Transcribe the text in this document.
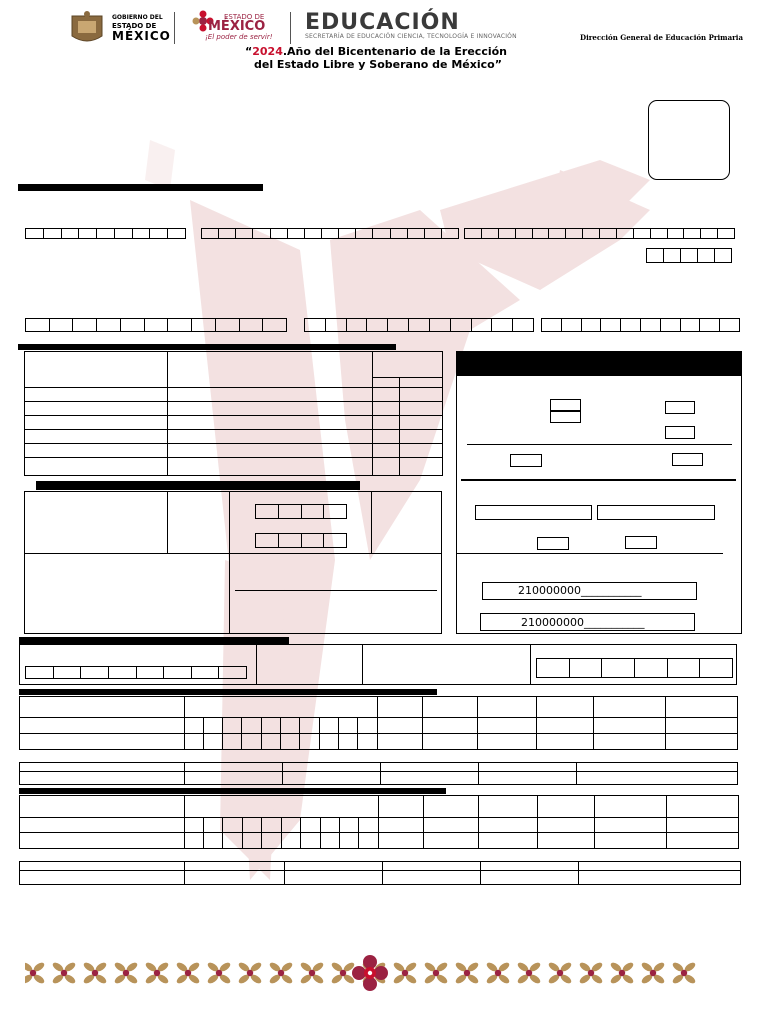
GOBIERNO DEL
ESTADO DE
MÉXICO
ESTADO DE
MÉXICO
¡El poder de servir!
EDUCACIÓN
SECRETARÍA DE EDUCACIÓN CIENCIA, TECNOLOGÍA E INNOVACIÓN	Dirección General de Educación Primaria
“2024.Año del Bicentenario de la Erección
del Estado Libre y Soberano de México”

210000000___________
210000000___________
